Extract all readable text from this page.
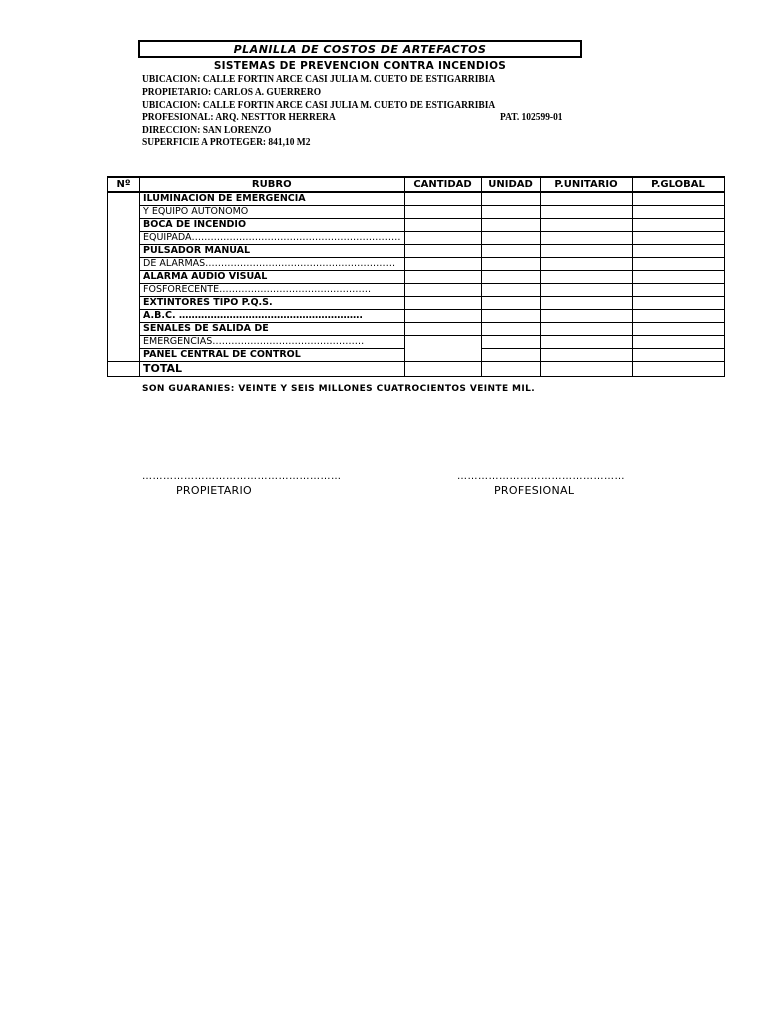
PLANILLA DE COSTOS DE ARTEFACTOS
SISTEMAS DE PREVENCION CONTRA INCENDIOS
UBICACION: CALLE FORTIN ARCE CASI JULIA M. CUETO DE ESTIGARRIBIA
PROPIETARIO: CARLOS A. GUERRERO
UBICACION: CALLE FORTIN ARCE CASI JULIA M. CUETO DE ESTIGARRIBIA
PROFESIONAL: ARQ. NESTTOR HERRERA	PAT. 102599-01
DIRECCION: SAN LORENZO
SUPERFICIE A PROTEGER: 841,10 M2
Nº	RUBRO	CANTIDAD	UNIDAD	P.UNITARIO	P.GLOBAL
	ILUMINACION DE EMERGENCIA				
	Y EQUIPO AUTONOMO				
	BOCA DE INCENDIO				
	EQUIPADA…………………………………………………………				
	PULSADOR MANUAL				
	DE ALARMAS……………………………………………………				
	ALARMA AUDIO VISUAL				
	FOSFORECENTE…………………………………………				
	EXTINTORES TIPO P.Q.S.				
	A.B.C. ………………………………………………….				
	SEÑALES DE SALIDA DE				
	EMERGENCIAS…………………………………………				
	PANEL CENTRAL DE CONTROL				
	TOTAL				
SON GUARANIES: VEINTE Y SEIS MILLONES CUATROCIENTOS VEINTE MIL.
…………………………………………………
PROPIETARIO
…………………………………………
PROFESIONAL
